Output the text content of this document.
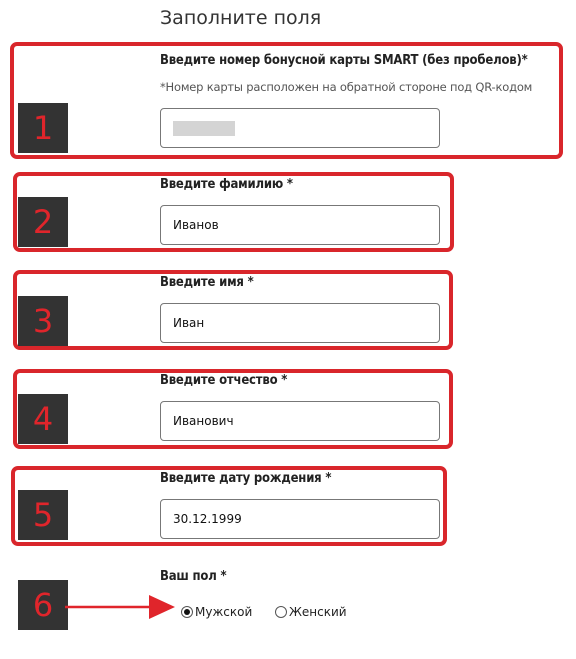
Заполните поля
1
Введите номер бонусной карты SMART (без пробелов)*
*Номер карты расположен на обратной стороне под QR-кодом
2
Введите фамилию *
Иванов
3
Введите имя *
Иван
4
Введите отчество *
Иванович
5
Введите дату рождения *
30.12.1999
6
Ваш пол *
Мужской	Женский
